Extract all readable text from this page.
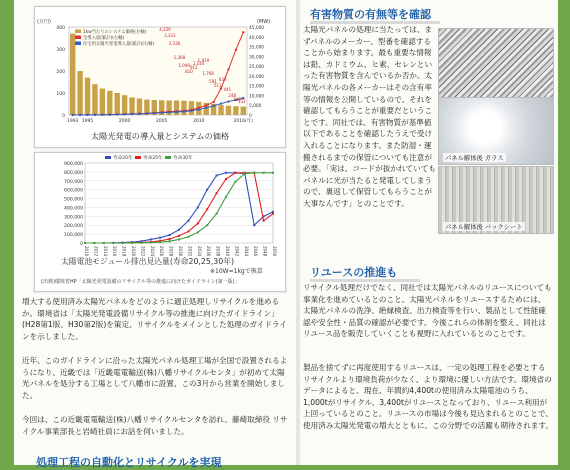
(万円)	(MW)
0
100
200
300
400
0
5,000
10,000
15,000
20,000
25,000
30,000
35,000
40,000
45,000
1993 1995	2000	2005	2010	2016(年)
1kw当たりのシステム価格(左軸)
全導入量(累計)(右軸)
住宅用太陽光発電導入量(累計)(右軸)
4,229
3,333
2,330
1,368
1,049
810
911
1,144
1,919
1,766
591
511
637
441
248
148
133
太陽光発電の導入量とシステムの価格
900,000
800,000
700,000
600,000
500,000
400,000
300,000
200,000
100,000
0
2010 2012 2014 2016 2018 2020 2022 2024 2026 2028 2030 2032 2034 2036 2038 2040 2042 2044 2046 2048 2050
寿命20年 寿命25年 寿命30年
太陽電池モジュール排出見込量(寿命20,25,30年)
※10W=1kgで換算
(出典)環境省HP「太陽光発電設備のリサイクル等の推進に向けたガイドライン(第一版)」
増大する使用済み太陽光パネルをどのように適正処理しリサイクルを進めるか。環境省は「太陽光発電設備リサイクル等の推進に向けたガイドライン」(H28第1版、H30第2版)を策定、リサイクルをメインとした処理のガイドラインを示しました。
近年、このガイドラインに沿った太陽光パネル処理工場が全国で設置されるようになり、近畿では「近畿電電輸送(株)八幡リサイクルセンタ」が初めて太陽光パネルを処分する工場として八幡市に設置、この3月から営業を開始しました。
今回は、この近畿電電輸送(株)八幡リサイクルセンタを訪れ、藤崎取締役 リサイクル事業部長と岩崎社員にお話を伺いました。
処理工程の自動化とリサイクルを実現
有害物質の有無等を確認
太陽光パネルの処理に当たっては、まずパネルのメーカー、型番を確認することから始まります。最も重要な情報は鉛、カドミウム、ヒ素、セレンといった有害物質を含んでいるか否か。太陽光パネルの各メーカーはその含有率等の情報を公開しているので、それを確認してもらうことが重要だということです。同社では、有害物質が基準値以下であることを確認したうえで受け入れることになります。また防湿・運搬されるまでの保管についても注意が必要。「実は、コードが抜かれていてもパネルに光が当たると発電してしまうので、裏返して保管してもらうことが大事なんです」とのことです。
パネル解体後 ガラス
パネル解体後 バックシート
リユースの推進も
リサイクル処理だけでなく、同社では太陽光パネルのリユースについても事業化を進めているとのこと。太陽光パネルをリユースするためには、太陽光パネルの洗浄、絶縁検査、出力検査等を行い、製品として性能確認や安全性・品質の確認が必要です。今後これらの体制を整え、同社はリユース品を販売していくことも視野に入れているとのことです。
製品を捨てずに再度使用するリユースは、一定の処理工程を必要とするリサイクルより環境負荷が少なく、より環境に優しい方法です。環境省のデータによると、現在、年間約4,400tの使用済み太陽電池のうち、1,000tがリサイクル、3,400tがリユースとなっており、リユース利用が上回っているとのこと。リユースの市場は今後も見込まれるとのことで、使用済み太陽光発電の増大とともに、この分野での活躍も期待されます。
